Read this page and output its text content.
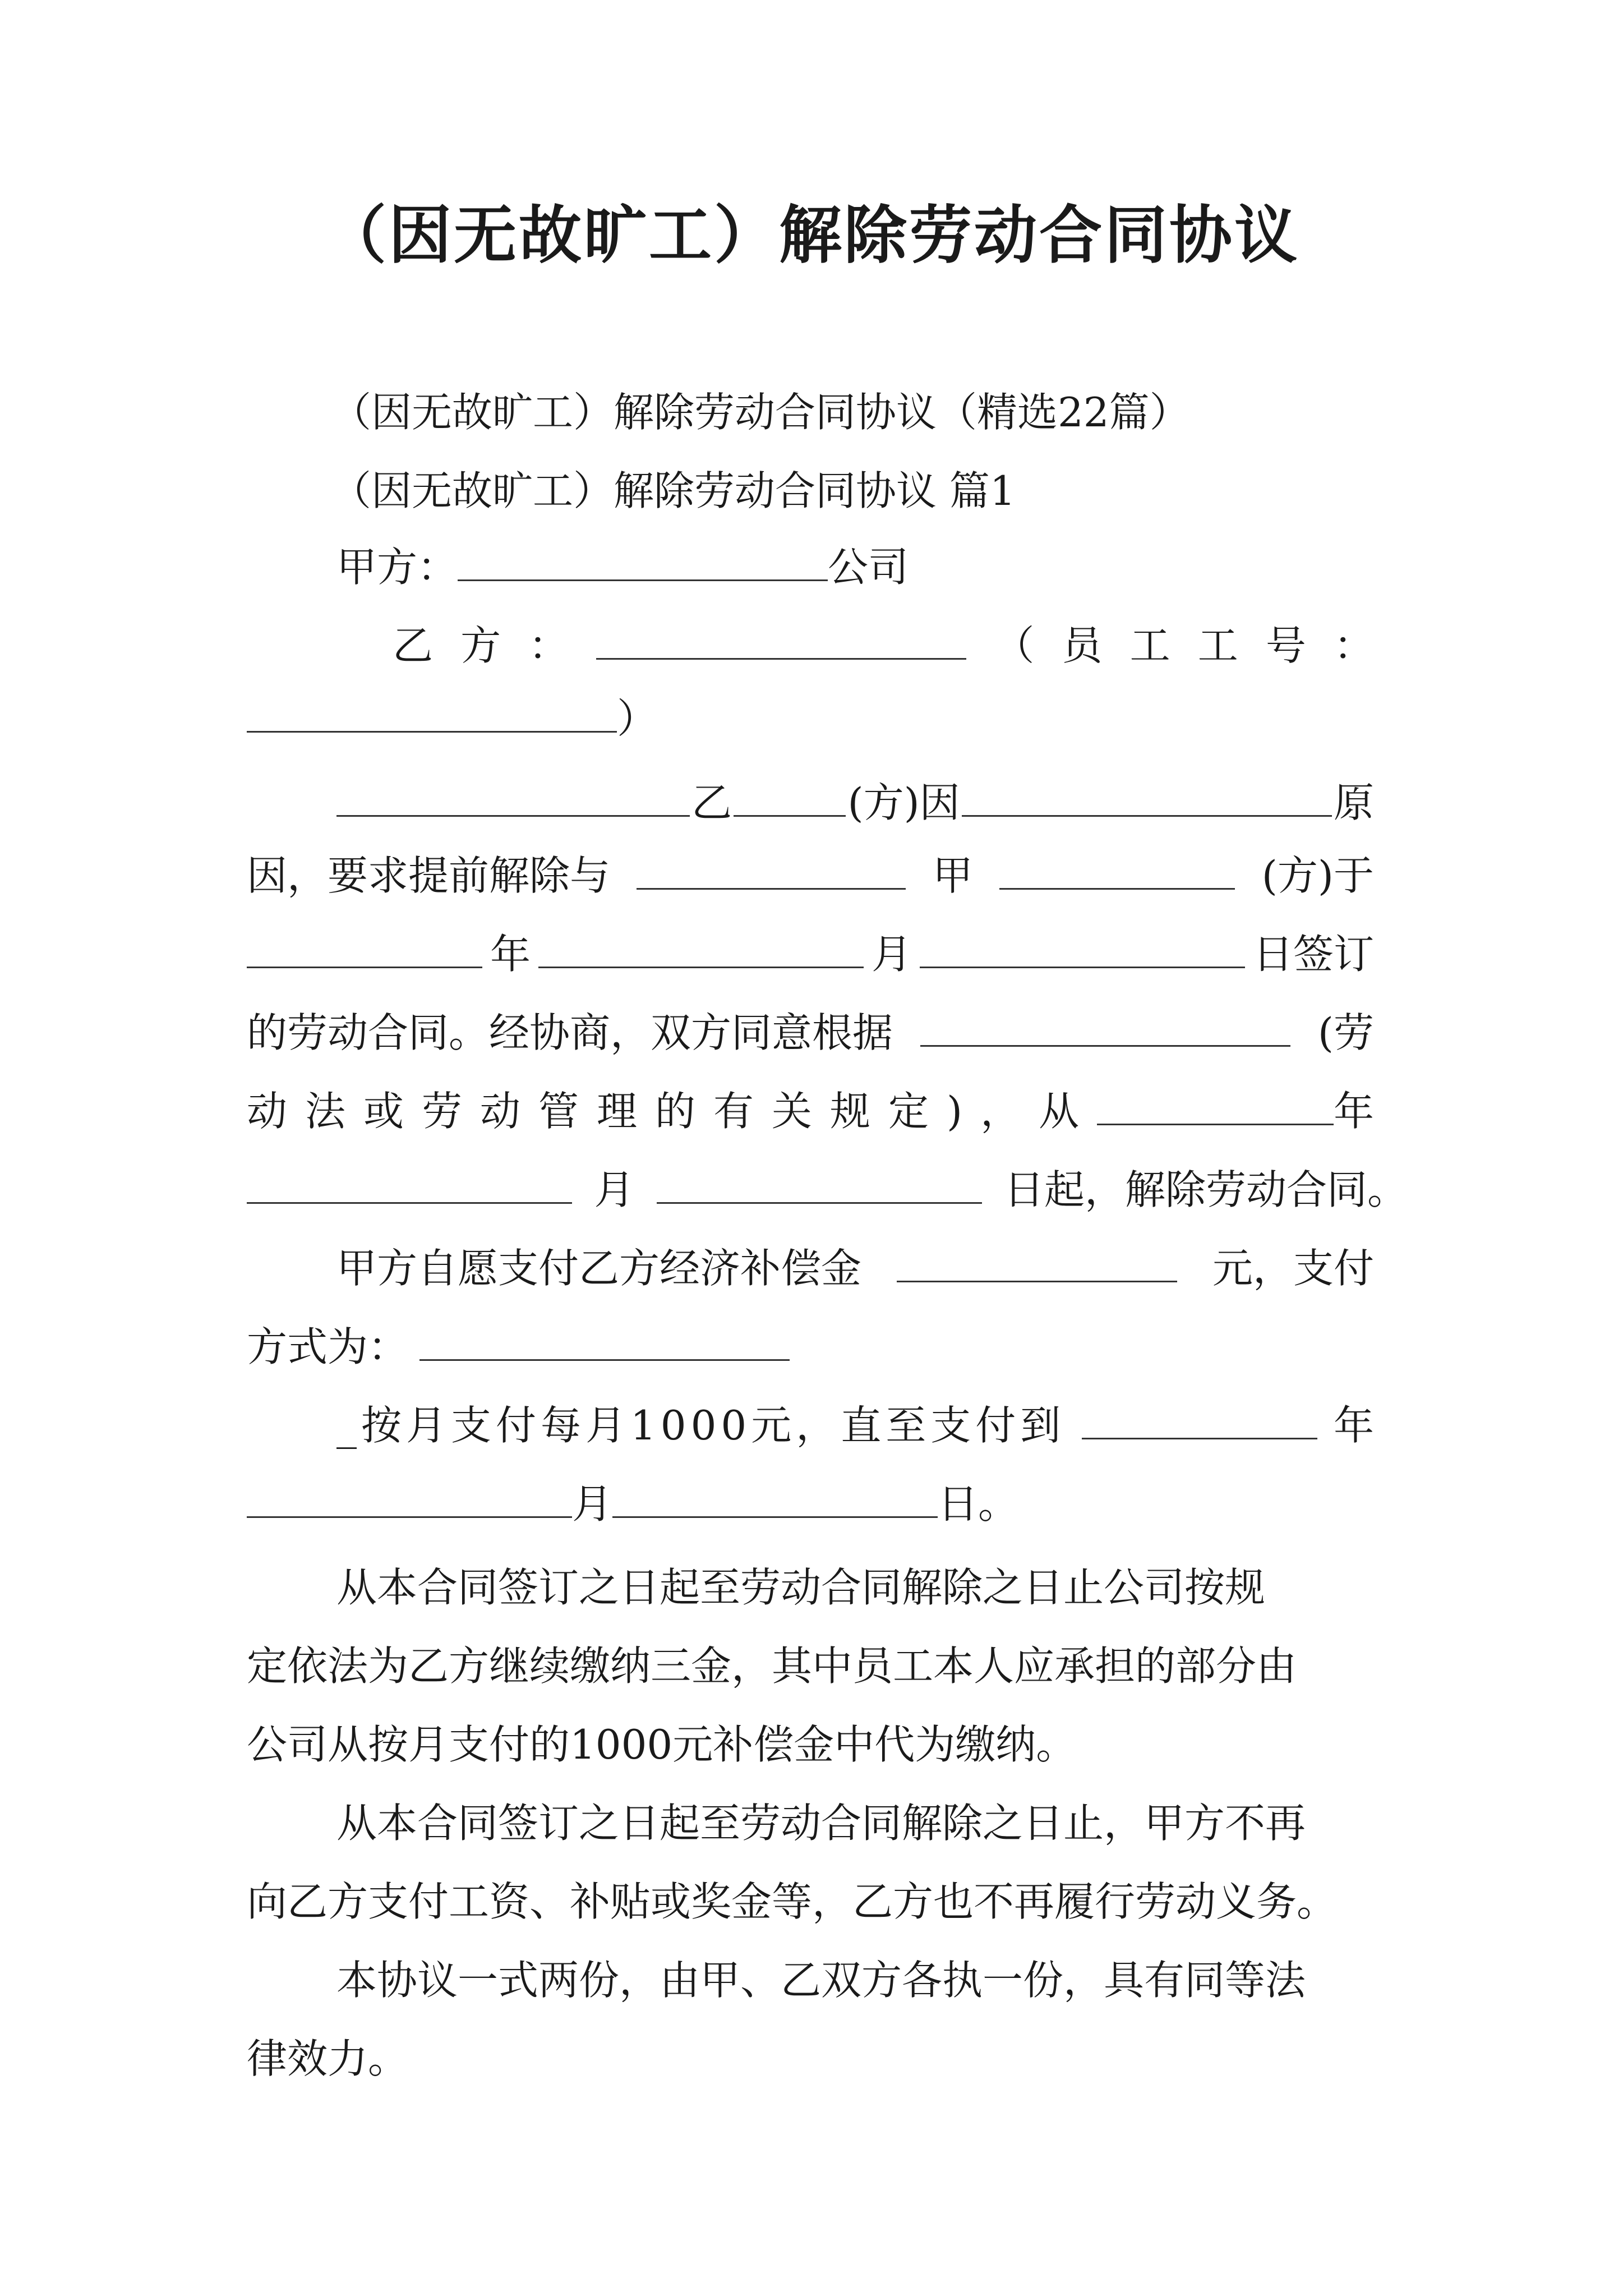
（因无故旷工）解除劳动合同协议
（因无故旷工）解除劳动合同协议（精选22篇）
（因无故旷工）解除劳动合同协议 篇1
甲方：	公司
乙 方 ：	（ 员 工 工 号 ：
）
乙	(方)因	原
因，要求提前解除与	甲	(方)于
年	月	日签订
的劳动合同。经协商，双方同意根据	(劳
动法或劳动管理的有关规定)，从	年
月	日起，解除劳动合同。
甲方自愿支付乙方经济补偿金	元，支付
方式为：
_按月支付每月1000元，直至支付到	年
月	日。
从本合同签订之日起至劳动合同解除之日止公司按规
定依法为乙方继续缴纳三金，其中员工本人应承担的部分由
公司从按月支付的1000元补偿金中代为缴纳。
从本合同签订之日起至劳动合同解除之日止，甲方不再
向乙方支付工资、补贴或奖金等，乙方也不再履行劳动义务。
本协议一式两份，由甲、乙双方各执一份，具有同等法
律效力。
